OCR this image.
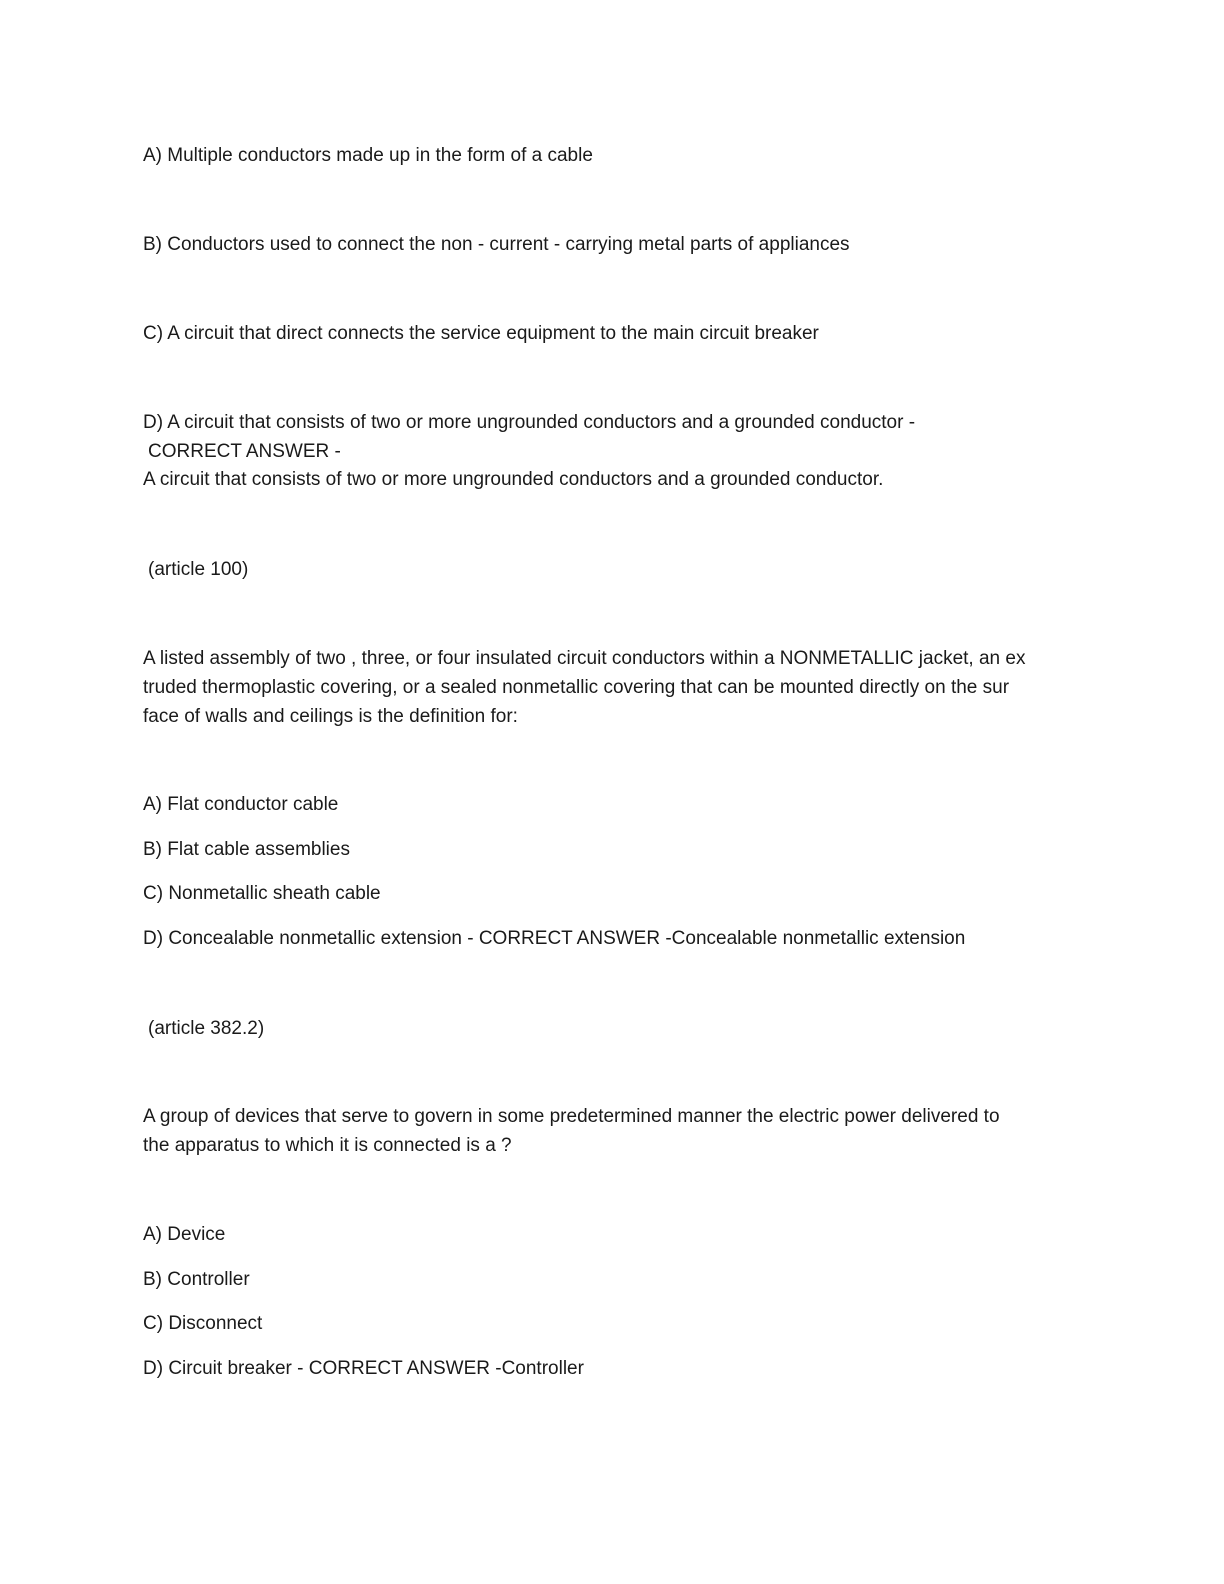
A) Multiple conductors made up in the form of a cable
B) Conductors used to connect the non - current - carrying metal parts of appliances
C) A circuit that direct connects the service equipment to the main circuit breaker
D) A circuit that consists of two or more ungrounded conductors and a grounded conductor -
CORRECT ANSWER -
A circuit that consists of two or more ungrounded conductors and a grounded conductor.
(article 100)
A listed assembly of two , three, or four insulated circuit conductors within a NONMETALLIC jacket, an ex
truded thermoplastic covering, or a sealed nonmetallic covering that can be mounted directly on the sur
face of walls and ceilings is the definition for:
A) Flat conductor cable
B) Flat cable assemblies
C) Nonmetallic sheath cable
D) Concealable nonmetallic extension - CORRECT ANSWER -Concealable nonmetallic extension
(article 382.2)
A group of devices that serve to govern in some predetermined manner the electric power delivered to
the apparatus to which it is connected is a ?
A) Device
B) Controller
C) Disconnect
D) Circuit breaker - CORRECT ANSWER -Controller
